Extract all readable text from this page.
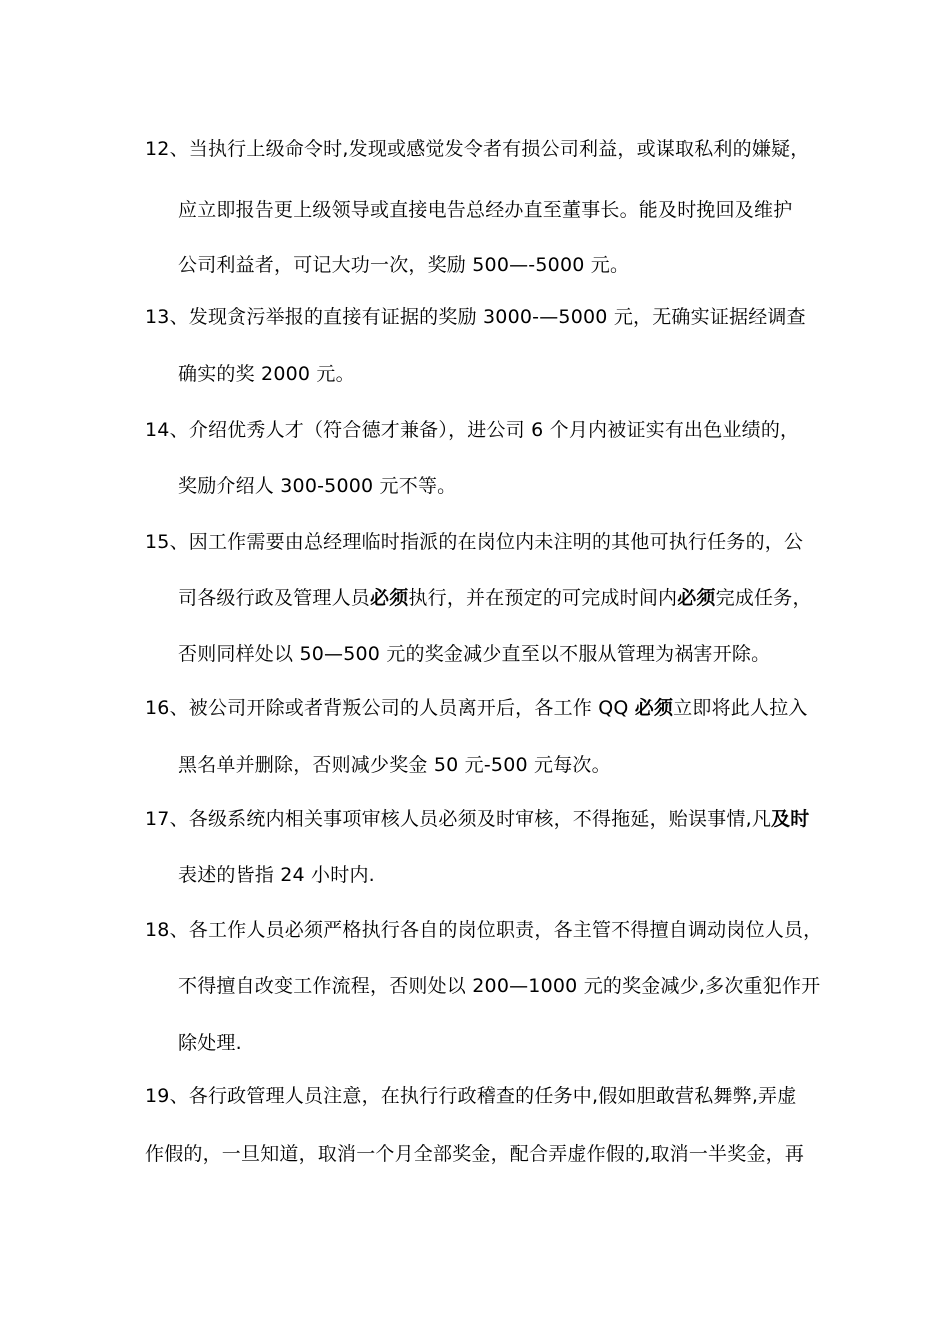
12、当执行上级命令时,发现或感觉发令者有损公司利益，或谋取私利的嫌疑，
应立即报告更上级领导或直接电告总经办直至董事长。能及时挽回及维护
公司利益者，可记大功一次，奖励 500—-5000 元。
13、发现贪污举报的直接有证据的奖励 3000-—5000 元，无确实证据经调查
确实的奖 2000 元。
14、介绍优秀人才（符合德才兼备），进公司 6 个月内被证实有出色业绩的，
奖励介绍人 300-5000 元不等。
15、因工作需要由总经理临时指派的在岗位内未注明的其他可执行任务的，公
司各级行政及管理人员必须执行，并在预定的可完成时间内必须完成任务，
否则同样处以 50—500 元的奖金减少直至以不服从管理为祸害开除。
16、被公司开除或者背叛公司的人员离开后，各工作 QQ 必须立即将此人拉入
黑名单并删除，否则减少奖金 50 元-500 元每次。
17、各级系统内相关事项审核人员必须及时审核，不得拖延，贻误事情,凡及时
表述的皆指 24 小时内.
18、各工作人员必须严格执行各自的岗位职责，各主管不得擅自调动岗位人员，
不得擅自改变工作流程，否则处以 200—1000 元的奖金减少,多次重犯作开
除处理.
19、各行政管理人员注意，在执行行政稽查的任务中,假如胆敢营私舞弊,弄虚
作假的，一旦知道，取消一个月全部奖金，配合弄虚作假的,取消一半奖金，再
